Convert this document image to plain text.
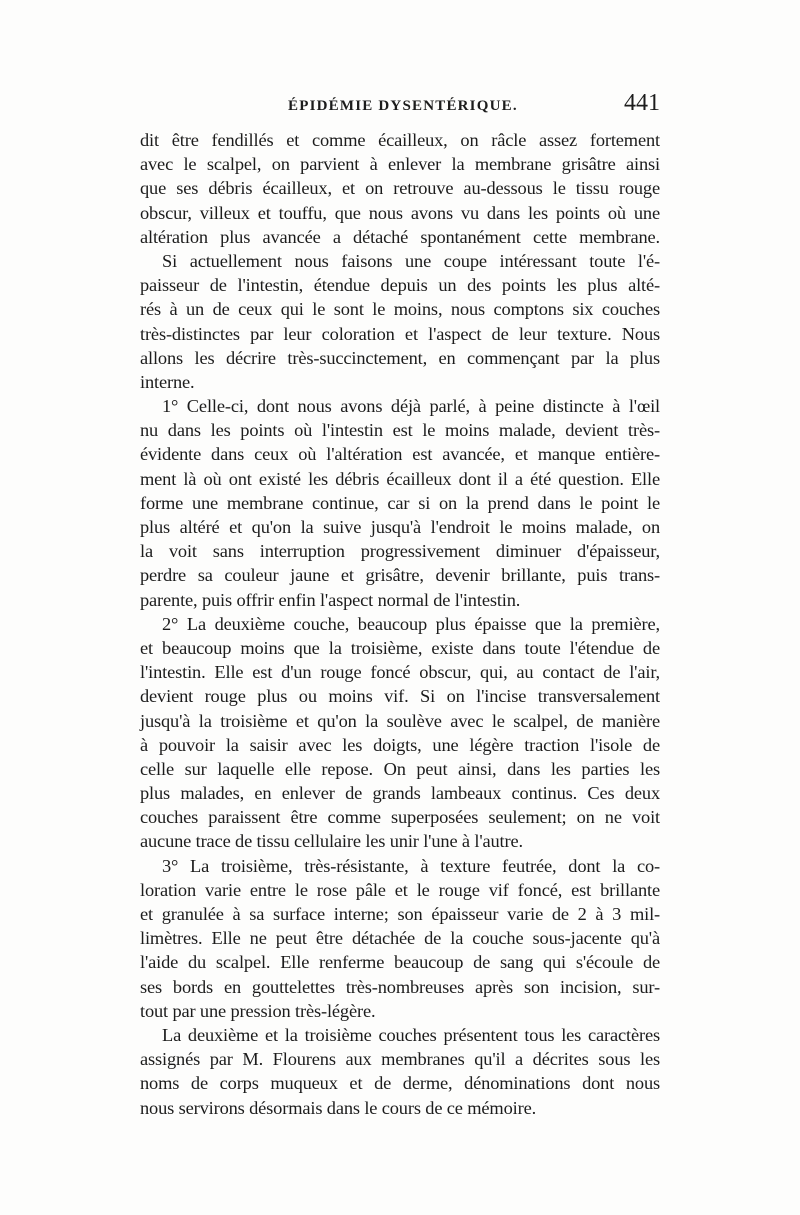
ÉPIDÉMIE DYSENTÉRIQUE.	441
dit être fendillés et comme écailleux, on râcle assez fortement
avec le scalpel, on parvient à enlever la membrane grisâtre ainsi
que ses débris écailleux, et on retrouve au-dessous le tissu rouge
obscur, villeux et touffu, que nous avons vu dans les points où une
altération plus avancée a détaché spontanément cette membrane.
Si actuellement nous faisons une coupe intéressant toute l'é-
paisseur de l'intestin, étendue depuis un des points les plus alté-
rés à un de ceux qui le sont le moins, nous comptons six couches
très-distinctes par leur coloration et l'aspect de leur texture. Nous
allons les décrire très-succinctement, en commençant par la plus
interne.
1° Celle-ci, dont nous avons déjà parlé, à peine distincte à l'œil
nu dans les points où l'intestin est le moins malade, devient très-
évidente dans ceux où l'altération est avancée, et manque entière-
ment là où ont existé les débris écailleux dont il a été question. Elle
forme une membrane continue, car si on la prend dans le point le
plus altéré et qu'on la suive jusqu'à l'endroit le moins malade, on
la voit sans interruption progressivement diminuer d'épaisseur,
perdre sa couleur jaune et grisâtre, devenir brillante, puis trans-
parente, puis offrir enfin l'aspect normal de l'intestin.
2° La deuxième couche, beaucoup plus épaisse que la première,
et beaucoup moins que la troisième, existe dans toute l'étendue de
l'intestin. Elle est d'un rouge foncé obscur, qui, au contact de l'air,
devient rouge plus ou moins vif. Si on l'incise transversalement
jusqu'à la troisième et qu'on la soulève avec le scalpel, de manière
à pouvoir la saisir avec les doigts, une légère traction l'isole de
celle sur laquelle elle repose. On peut ainsi, dans les parties les
plus malades, en enlever de grands lambeaux continus. Ces deux
couches paraissent être comme superposées seulement; on ne voit
aucune trace de tissu cellulaire les unir l'une à l'autre.
3° La troisième, très-résistante, à texture feutrée, dont la co-
loration varie entre le rose pâle et le rouge vif foncé, est brillante
et granulée à sa surface interne; son épaisseur varie de 2 à 3 mil-
limètres. Elle ne peut être détachée de la couche sous-jacente qu'à
l'aide du scalpel. Elle renferme beaucoup de sang qui s'écoule de
ses bords en gouttelettes très-nombreuses après son incision, sur-
tout par une pression très-légère.
La deuxième et la troisième couches présentent tous les caractères
assignés par M. Flourens aux membranes qu'il a décrites sous les
noms de corps muqueux et de derme, dénominations dont nous
nous servirons désormais dans le cours de ce mémoire.
